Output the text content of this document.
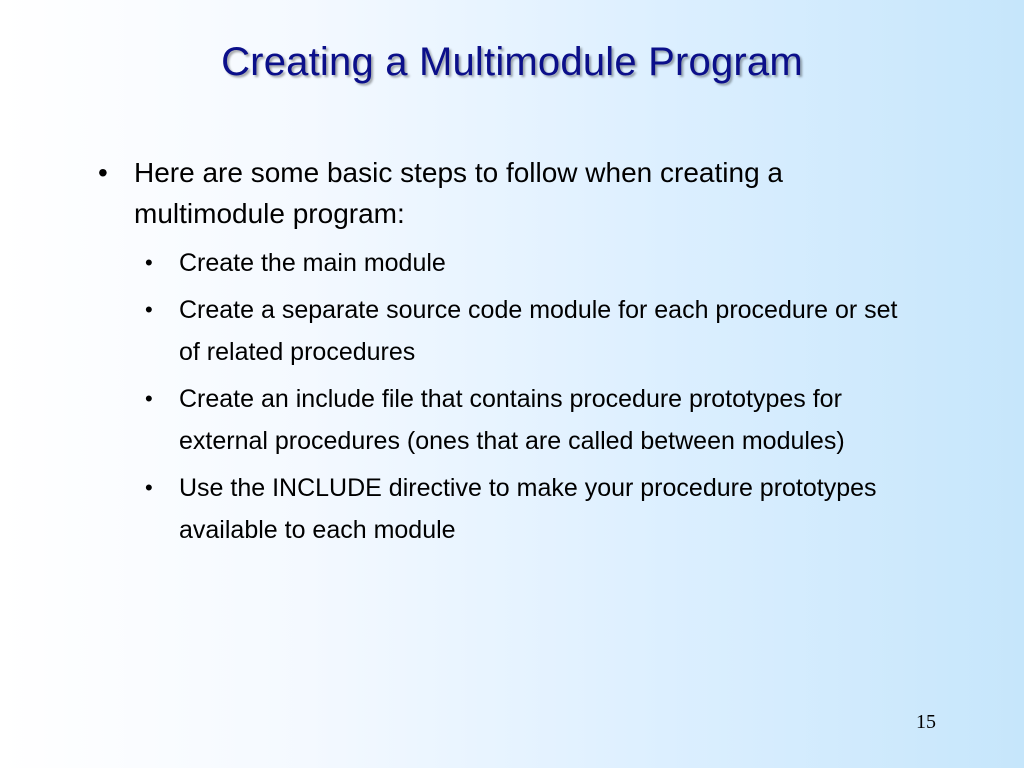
Creating a Multimodule Program
• Here are some basic steps to follow when creating a multimodule program:
• Create the main module
• Create a separate source code module for each procedure or set of related procedures
• Create an include file that contains procedure prototypes for external procedures (ones that are called between modules)
• Use the INCLUDE directive to make your procedure prototypes available to each module
15
